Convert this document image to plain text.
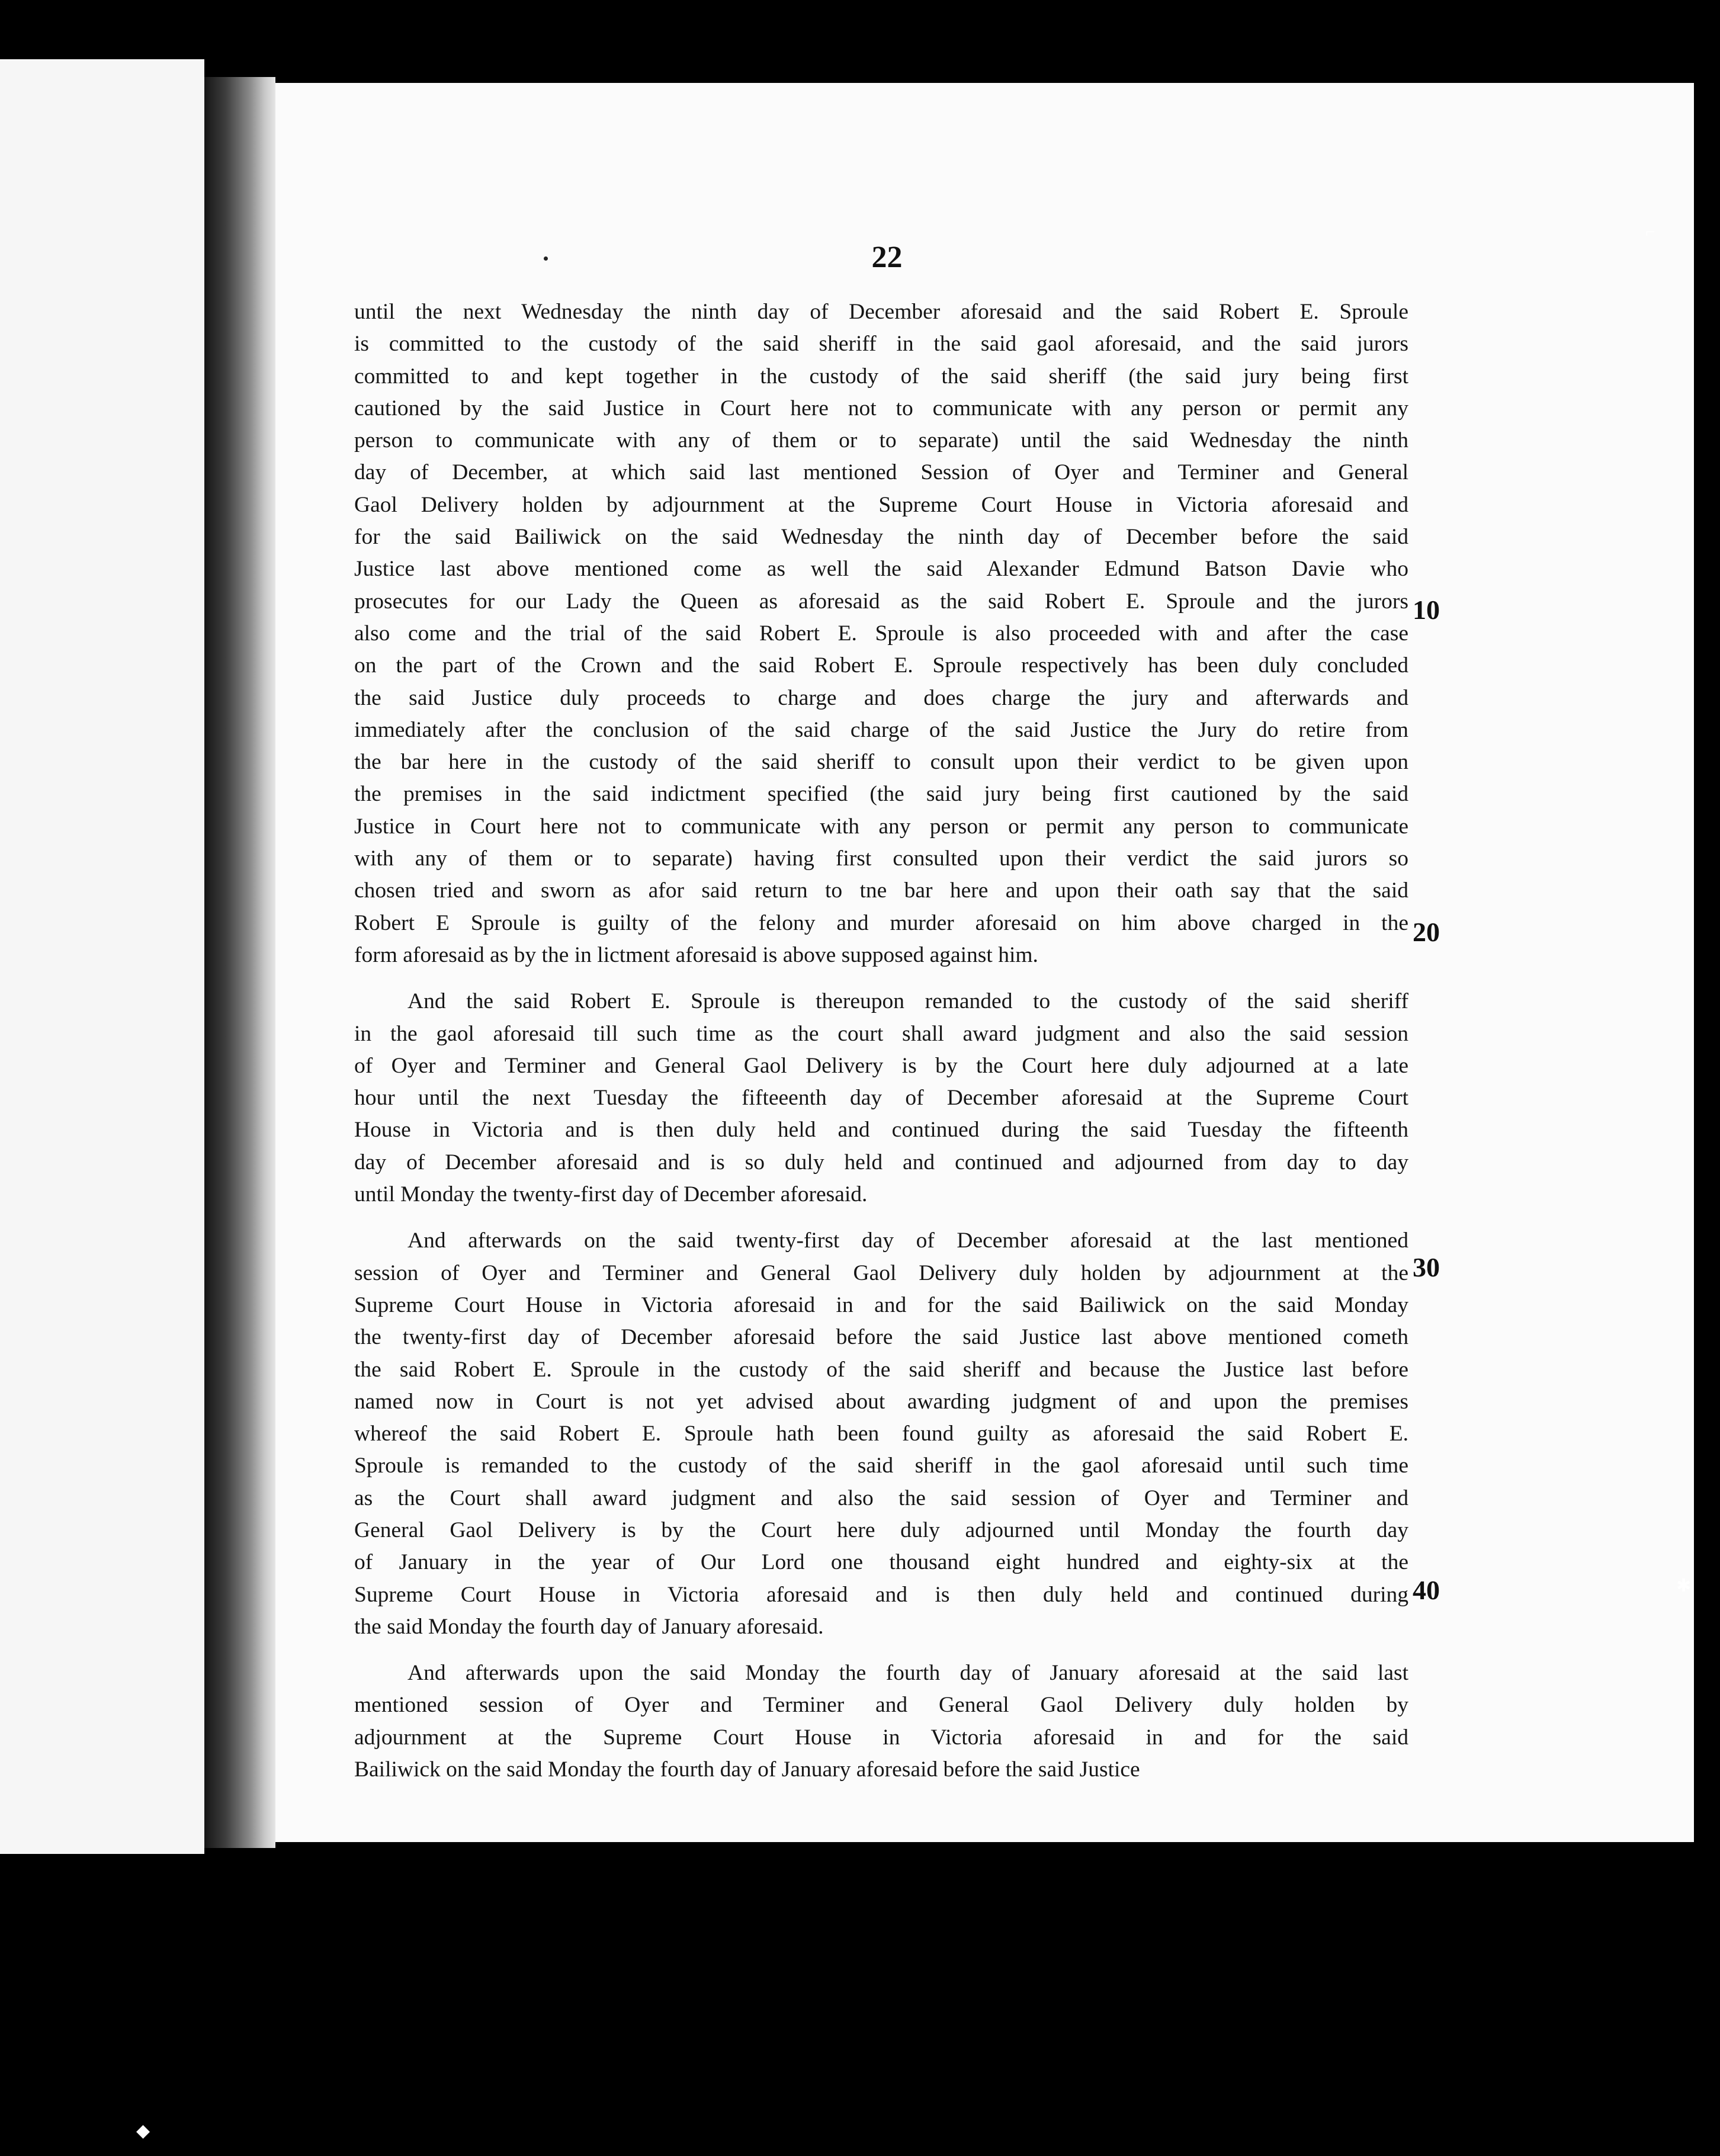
22
until the next Wednesday the ninth day of December aforesaid and the said Robert E. Sproule
is committed to the custody of the said sheriff in the said gaol aforesaid, and the said jurors
committed to and kept together in the custody of the said sheriff (the said jury being first
cautioned by the said Justice in Court here not to communicate with any person or permit any
person to communicate with any of them or to separate) until the said Wednesday the ninth
day of December, at which said last mentioned Session of Oyer and Terminer and General
Gaol Delivery holden by adjournment at the Supreme Court House in Victoria aforesaid and
for the said Bailiwick on the said Wednesday the ninth day of December before the said
Justice last above mentioned come as well the said Alexander Edmund Batson Davie who
prosecutes for our Lady the Queen as aforesaid as the said Robert E. Sproule and the jurors
also come and the trial of the said Robert E. Sproule is also proceeded with and after the case
on the part of the Crown and the said Robert E. Sproule respectively has been duly concluded
the said Justice duly proceeds to charge and does charge the jury and afterwards and
immediately after the conclusion of the said charge of the said Justice the Jury do retire from
the bar here in the custody of the said sheriff to consult upon their verdict to be given upon
the premises in the said indictment specified (the said jury being first cautioned by the said
Justice in Court here not to communicate with any person or permit any person to communicate
with any of them or to separate) having first consulted upon their verdict the said jurors so
chosen tried and sworn as afor said return to tne bar here and upon their oath say that the said
Robert E Sproule is guilty of the felony and murder aforesaid on him above charged in the
form aforesaid as by the in lictment aforesaid is above supposed against him.
And the said Robert E. Sproule is thereupon remanded to the custody of the said sheriff
in the gaol aforesaid till such time as the court shall award judgment and also the said session
of Oyer and Terminer and General Gaol Delivery is by the Court here duly adjourned at a late
hour until the next Tuesday the fifteeenth day of December aforesaid at the Supreme Court
House in Victoria and is then duly held and continued during the said Tuesday the fifteenth
day of December aforesaid and is so duly held and continued and adjourned from day to day
until Monday the twenty-first day of December aforesaid.
And afterwards on the said twenty-first day of December aforesaid at the last mentioned
session of Oyer and Terminer and General Gaol Delivery duly holden by adjournment at the
Supreme Court House in Victoria aforesaid in and for the said Bailiwick on the said Monday
the twenty-first day of December aforesaid before the said Justice last above mentioned cometh
the said Robert E. Sproule in the custody of the said sheriff and because the Justice last before
named now in Court is not yet advised about awarding judgment of and upon the premises
whereof the said Robert E. Sproule hath been found guilty as aforesaid the said Robert E.
Sproule is remanded to the custody of the said sheriff in the gaol aforesaid until such time
as the Court shall award judgment and also the said session of Oyer and Terminer and
General Gaol Delivery is by the Court here duly adjourned until Monday the fourth day
of January in the year of Our Lord one thousand eight hundred and eighty-six at the
Supreme Court House in Victoria aforesaid and is then duly held and continued during
the said Monday the fourth day of January aforesaid.
And afterwards upon the said Monday the fourth day of January aforesaid at the said last
mentioned session of Oyer and Terminer and General Gaol Delivery duly holden by
adjournment at the Supreme Court House in Victoria aforesaid in and for the said
Bailiwick on the said Monday the fourth day of January aforesaid before the said Justice
10
20
30
40
⌐
✱
◆
